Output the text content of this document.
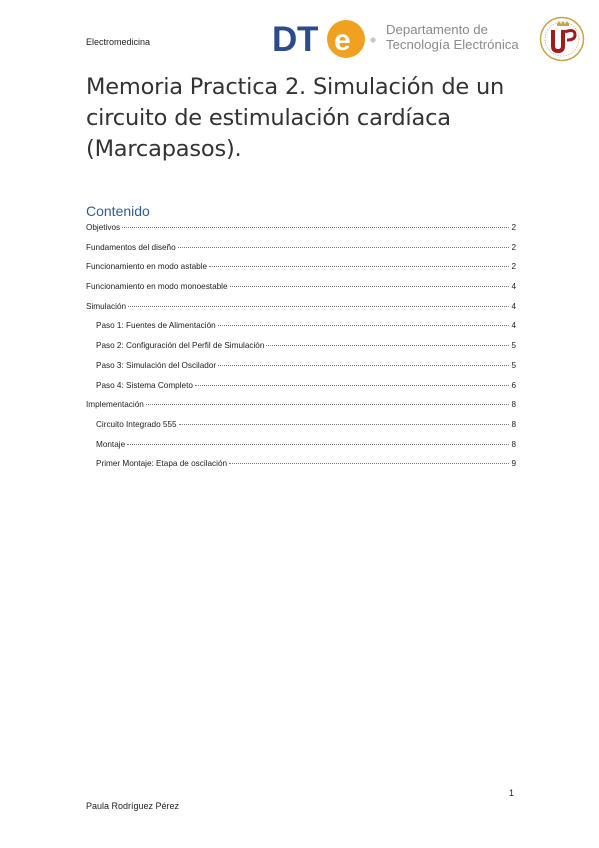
Electromedicina	D T e	Departamento de
Tecnología Electrónica
Memoria Practica 2. Simulación de un circuito de estimulación cardíaca (Marcapasos).
Contenido
Objetivos	2
Fundamentos del diseño	2
Funcionamiento en modo astable	2
Funcionamiento en modo monoestable	4
Simulación	4
Paso 1: Fuentes de Alimentación	4
Paso 2: Configuración del Perfil de Simulación	5
Paso 3: Simulación del Oscilador	5
Paso 4: Sistema Completo	6
Implementación	8
Circuito Integrado 555	8
Montaje	8
Primer Montaje: Etapa de oscilación	9
1
Paula Rodríguez Pérez
